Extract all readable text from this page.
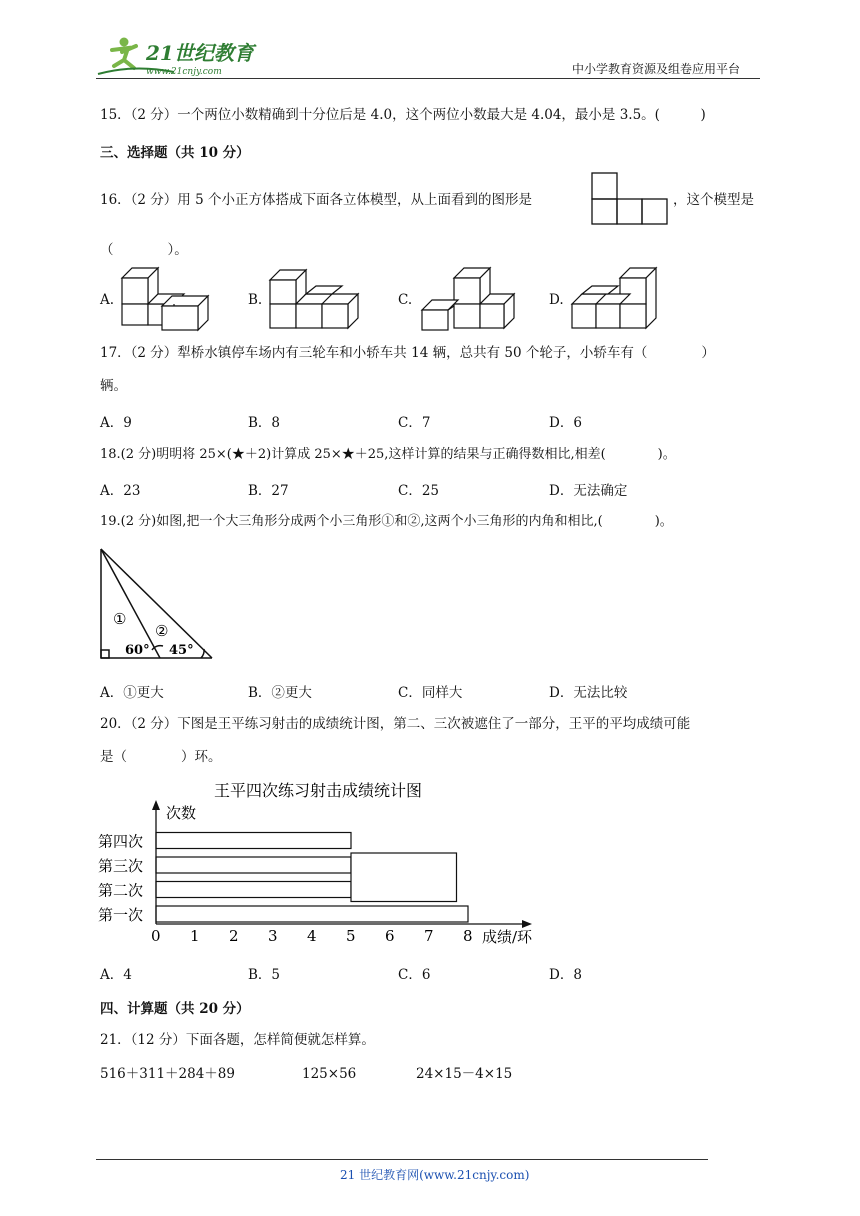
21世纪教育
www.21cnjy.com	中小学教育资源及组卷应用平台
15．（2 分）一个两位小数精确到十分位后是 4.0，这个两位小数最大是 4.04，最小是 3.5。(　　　)
三、选择题（共 10 分）
16．（2 分）用 5 个小正方体搭成下面各立体模型，从上面看到的图形是	，这个模型是
（　　　　）。
A.	B.	C.	D.
17．（2 分）犁桥水镇停车场内有三轮车和小轿车共 14 辆，总共有 50 个轮子，小轿车有（　　　　）
辆。
A．9	B．8	C．7	D．6
18.(2 分)明明将 25×(★＋2)计算成 25×★＋25,这样计算的结果与正确得数相比,相差(　　　　)。
A．23	B．27	C．25	D．无法确定
19.(2 分)如图,把一个大三角形分成两个小三角形①和②,这两个小三角形的内角和相比,(　　　　)。
①
②
60° 45°
A．①更大	B．②更大	C．同样大	D．无法比较
20．（2 分）下图是王平练习射击的成绩统计图，第二、三次被遮住了一部分，王平的平均成绩可能
是（　　　　）环。
王平四次练习射击成绩统计图
第一次
第二次
第三次
第四次
0 1 2 3 4 5 6 7 8 成绩/环
次数
A．4	B．5	C．6	D．8
四、计算题（共 20 分）
21．（12 分）下面各题，怎样简便就怎样算。
516＋311＋284＋89	125×56	24×15－4×15
21 世纪教育网(www.21cnjy.com)
